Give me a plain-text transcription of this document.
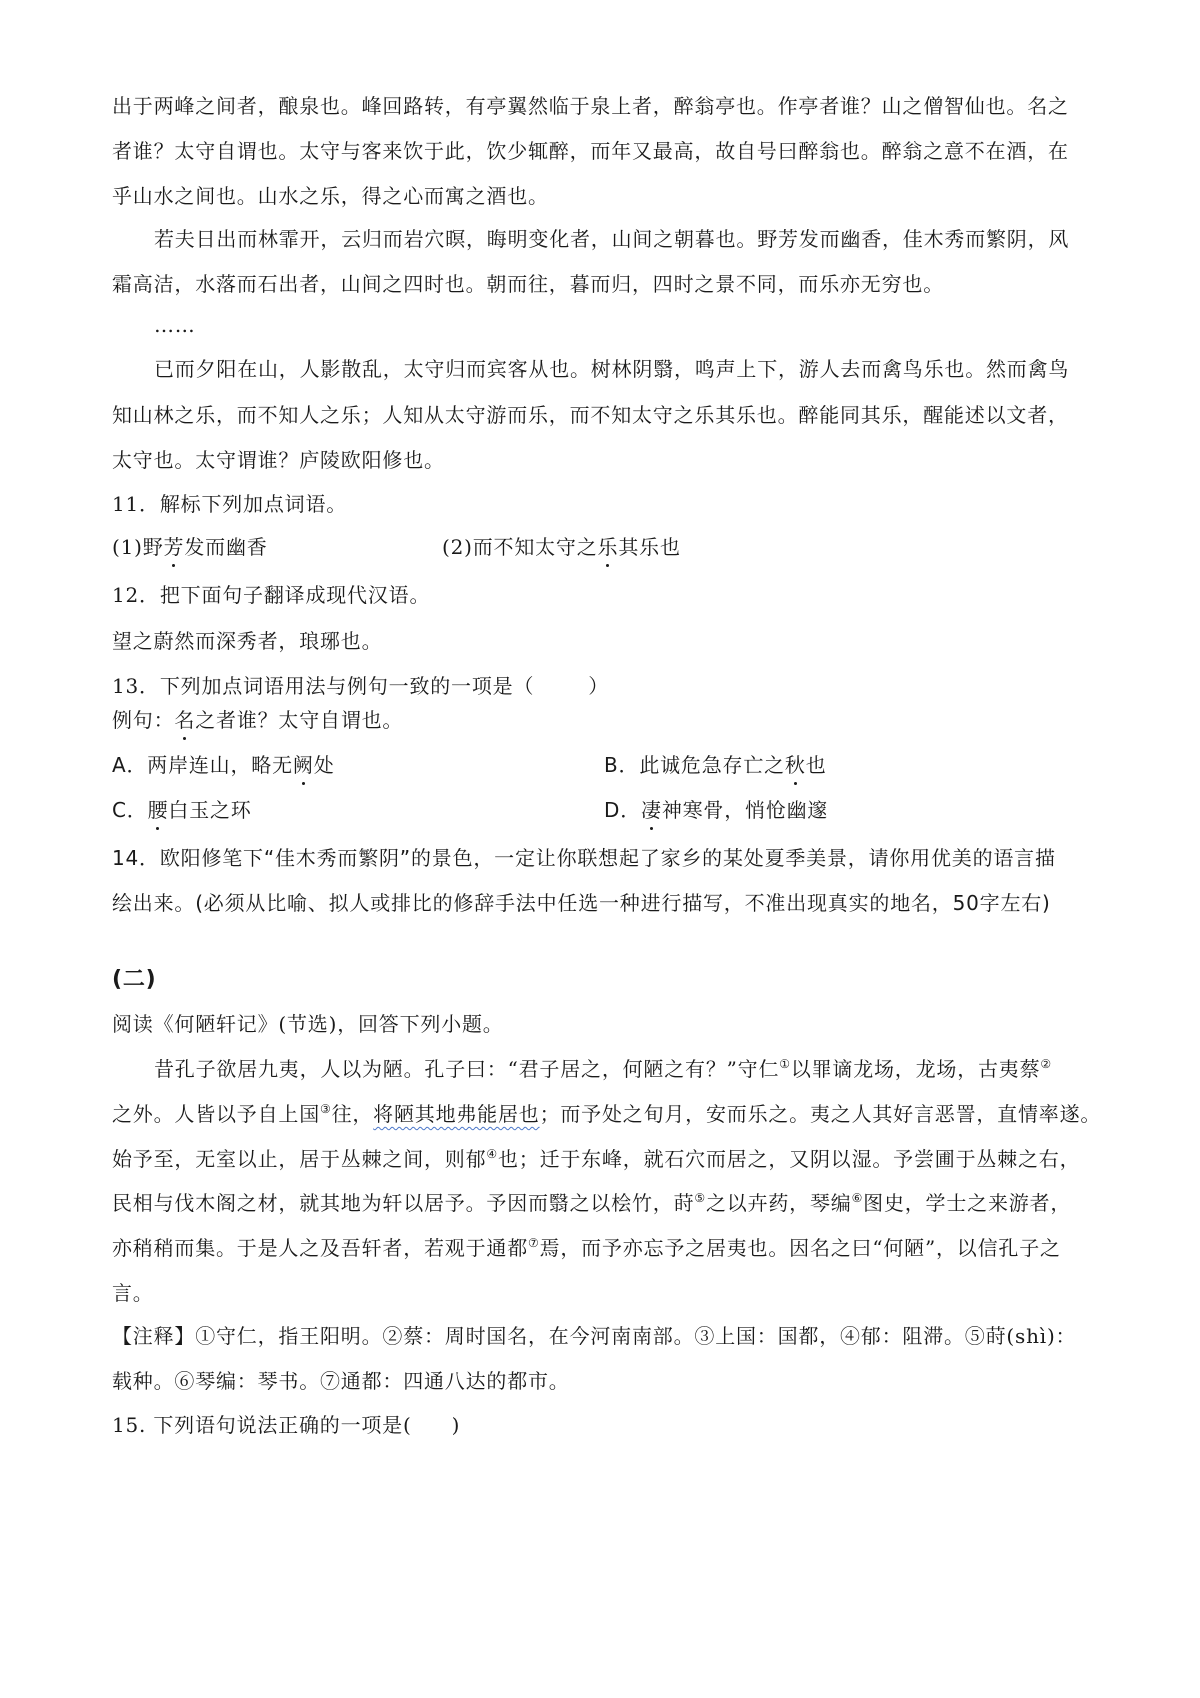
出于两峰之间者，酿泉也。峰回路转，有亭翼然临于泉上者，醉翁亭也。作亭者谁？山之僧智仙也。名之
者谁？太守自谓也。太守与客来饮于此，饮少辄醉，而年又最高，故自号曰醉翁也。醉翁之意不在酒，在
乎山水之间也。山水之乐，得之心而寓之酒也。
若夫日出而林霏开，云归而岩穴暝，晦明变化者，山间之朝暮也。野芳发而幽香，佳木秀而繁阴，风
霜高洁，水落而石出者，山间之四时也。朝而往，暮而归，四时之景不同，而乐亦无穷也。
……
已而夕阳在山，人影散乱，太守归而宾客从也。树林阴翳，鸣声上下，游人去而禽鸟乐也。然而禽鸟
知山林之乐，而不知人之乐；人知从太守游而乐，而不知太守之乐其乐也。醉能同其乐，醒能述以文者，
太守也。太守谓谁？庐陵欧阳修也。
11．解标下列加点词语。
(1)野芳发而幽香	(2)而不知太守之乐其乐也
12．把下面句子翻译成现代汉语。
望之蔚然而深秀者，琅琊也。
13．下列加点词语用法与例句一致的一项是（	）
例句：名之者谁？太守自谓也。
A．两岸连山，略无阙处	B．此诚危急存亡之秋也
C．腰白玉之环	D．凄神寒骨，悄怆幽邃
14．欧阳修笔下“佳木秀而繁阴”的景色，一定让你联想起了家乡的某处夏季美景，请你用优美的语言描
绘出来。(必须从比喻、拟人或排比的修辞手法中任选一种进行描写，不准出现真实的地名，50字左右)
(二)
阅读《何陋轩记》(节选)，回答下列小题。
昔孔子欲居九夷，人以为陋。孔子曰：“君子居之，何陋之有？”守仁①以罪谪龙场，龙场，古夷蔡②
之外。人皆以予自上国③往，将陋其地弗能居也；而予处之旬月，安而乐之。夷之人其好言恶詈，直情率遂。
始予至，无室以止，居于丛棘之间，则郁④也；迁于东峰，就石穴而居之，又阴以湿。予尝圃于丛棘之右，
民相与伐木阁之材，就其地为轩以居予。予因而翳之以桧竹，莳⑤之以卉药，琴编⑥图史，学士之来游者，
亦稍稍而集。于是人之及吾轩者，若观于通都⑦焉，而予亦忘予之居夷也。因名之曰“何陋”，以信孔子之
言。
【注释】①守仁，指王阳明。②蔡：周时国名，在今河南南部。③上国：国都，④郁：阻滞。⑤莳(shì)：
载种。⑥琴编：琴书。⑦通都：四通八达的都市。
15. 下列语句说法正确的一项是( )
